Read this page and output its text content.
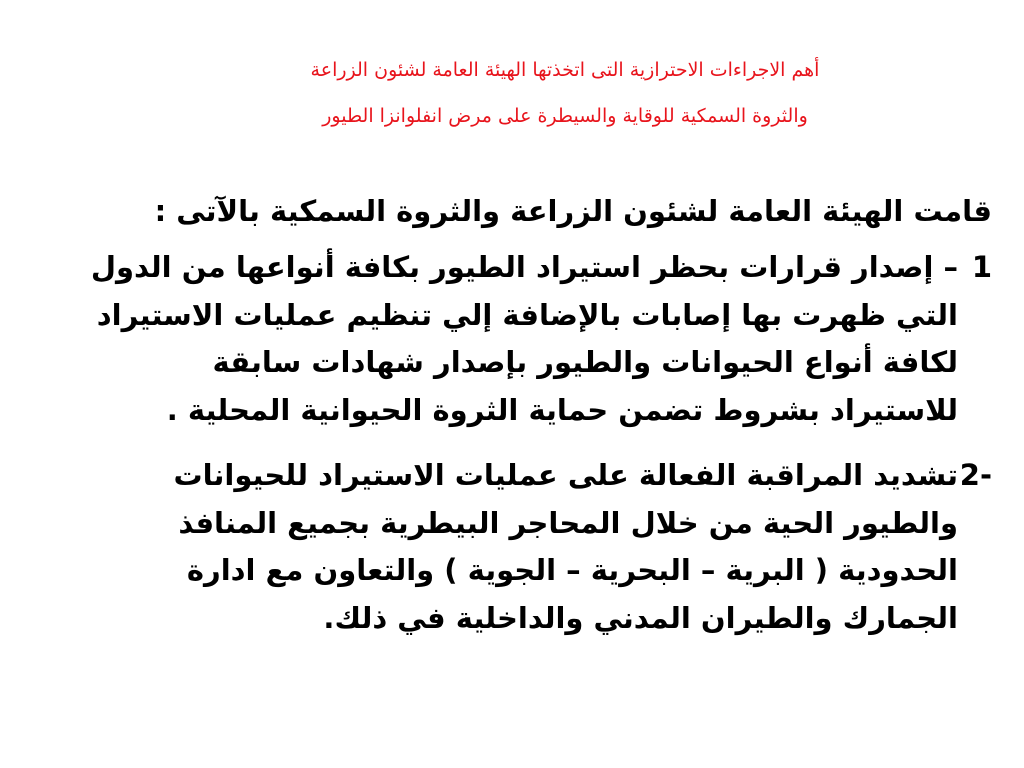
أهم الاجراءات الاحترازية التى اتخذتها الهيئة العامة لشئون الزراعة
والثروة السمكية للوقاية والسيطرة على مرض انفلوانزا الطيور
قامت الهيئة العامة لشئون الزراعة والثروة السمكية بالآتى :
1
– إصدار قرارات بحظر استيراد الطيور بكافة أنواعها من الدول
التي ظهرت بها إصابات بالإضافة إلي تنظيم عمليات الاستيراد
لكافة أنواع الحيوانات والطيور بإصدار شهادات سابقة
للاستيراد بشروط تضمن حماية الثروة الحيوانية المحلية .
2-
تشديد المراقبة الفعالة على عمليات الاستيراد للحيوانات
والطيور الحية من خلال المحاجر البيطرية بجميع المنافذ
الحدودية ( البرية – البحرية – الجوية ) والتعاون مع ادارة
الجمارك والطيران المدني والداخلية في ذلك.
